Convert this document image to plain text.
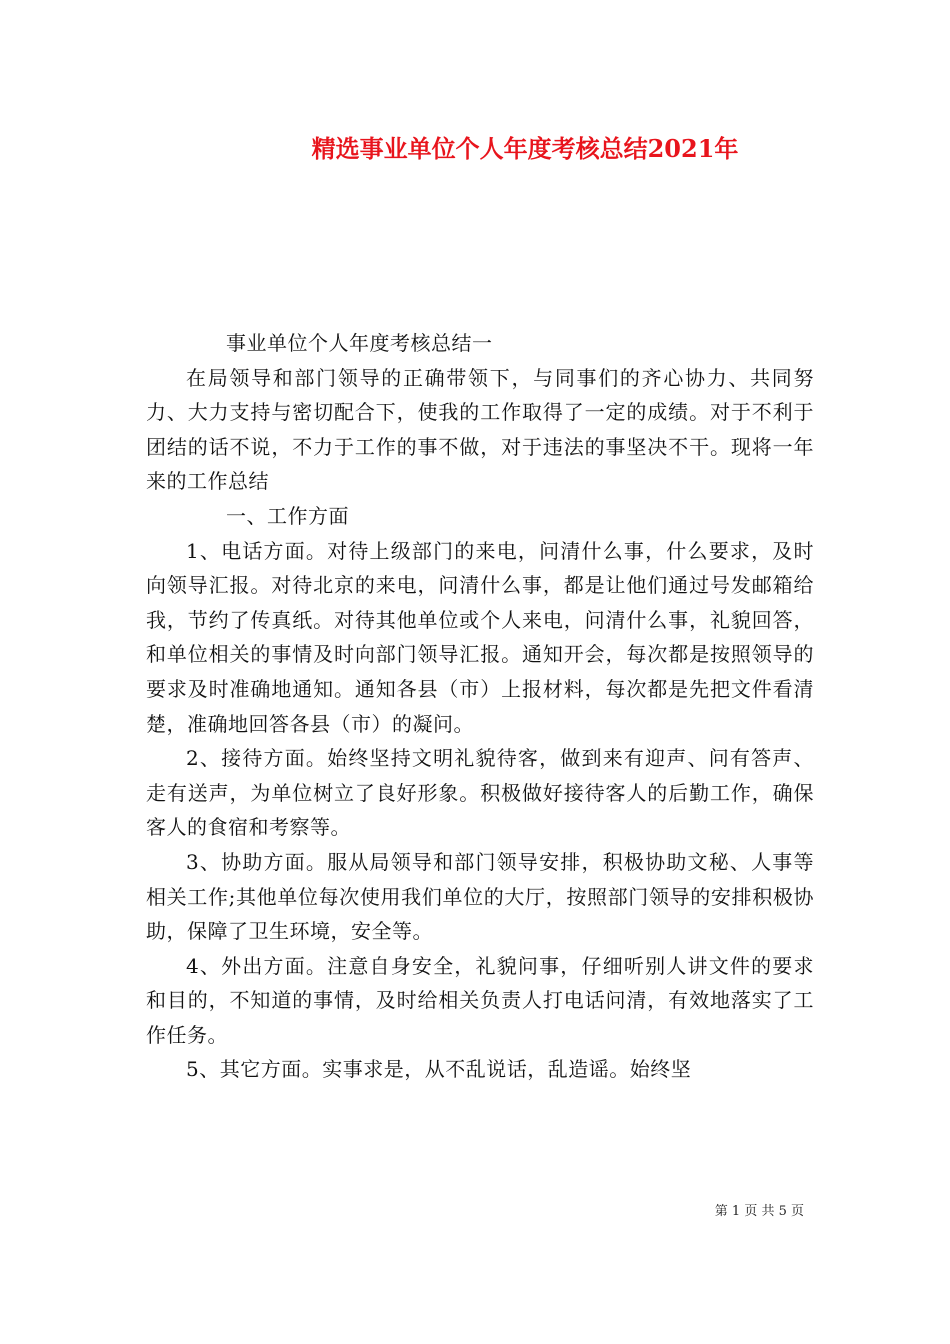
精选事业单位个人年度考核总结2021年

事业单位个人年度考核总结一

在局领导和部门领导的正确带领下，与同事们的齐心协力、共同努力、大力支持与密切配合下，使我的工作取得了一定的成绩。对于不利于团结的话不说，不力于工作的事不做，对于违法的事坚决不干。现将一年来的工作总结

一、工作方面

1、电话方面。对待上级部门的来电，问清什么事，什么要求，及时向领导汇报。对待北京的来电，问清什么事，都是让他们通过号发邮箱给我，节约了传真纸。对待其他单位或个人来电，问清什么事，礼貌回答，和单位相关的事情及时向部门领导汇报。通知开会，每次都是按照领导的要求及时准确地通知。通知各县（市）上报材料，每次都是先把文件看清楚，准确地回答各县（市）的凝问。

2、接待方面。始终坚持文明礼貌待客，做到来有迎声、问有答声、走有送声，为单位树立了良好形象。积极做好接待客人的后勤工作，确保客人的食宿和考察等。

3、协助方面。服从局领导和部门领导安排，积极协助文秘、人事等相关工作;其他单位每次使用我们单位的大厅，按照部门领导的安排积极协助，保障了卫生环境，安全等。

4、外出方面。注意自身安全，礼貌问事，仔细听别人讲文件的要求和目的，不知道的事情，及时给相关负责人打电话问清，有效地落实了工作任务。

5、其它方面。实事求是，从不乱说话，乱造谣。始终坚

第 1 页 共 5 页
